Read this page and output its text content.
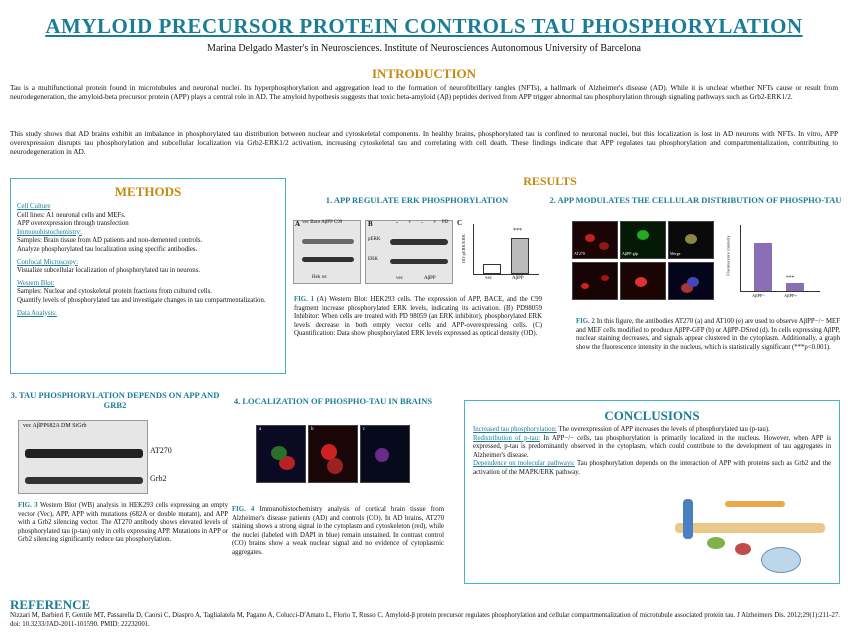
AMYLOID PRECURSOR PROTEIN CONTROLS TAU PHOSPHORYLATION
Marina Delgado Master's in Neurosciences. Institute of Neurosciences Autonomous University of Barcelona
INTRODUCTION
Tau is a multifunctional protein found in microtubules and neuronal nuclei. Its hyperphosphorylation and aggregation lead to the formation of neurofibrillary tangles (NFTs), a hallmark of Alzheimer's disease (AD). While it is unclear whether NFTs cause or result from neurodegeneration, the amyloid-beta precursor protein (APP) plays a central role in AD. The amyloid hypothesis suggests that toxic beta-amyloid (Aβ) peptides derived from APP trigger abnormal tau phosphorylation through signaling pathways such as Grb2-ERK1/2.
This study shows that AD brains exhibit an imbalance in phosphorylated tau distribution between nuclear and cytoskeletal components. In healthy brains, phosphorylated tau is confined to neuronal nuclei, but this localization is lost in AD neurons with NFTs. In vitro, APP overexpression disrupts tau phosphorylation and subcellular localization via Grb2-ERK1/2 activation, increasing cytoskeletal tau and correlating with cell death. These findings indicate that APP regulates tau phosphorylation and compartmentalization, contributing to neurodegeneration in AD.
RESULTS
METHODS
Cell Culture
Cell lines: A1 neuronal cells and MEFs.
APP overexpression through transfection
Immunohistochemistry:
Samples: Brain tissue from AD patients and non-demented controls.
Analyze phosphorylated tau localization using specific antibodies.
Confocal Microscopy:
Visualize subcellular localization of phosphorylated tau in neurons.
Western Blot:
Samples: Nuclear and cytoskeletal protein fractions from cultured cells.
Quantify levels of phosphorylated tau and investigate changes in tau compartmentalization.
Data Analysis:
1. APP REGULATE ERK PHOSPHORYLATION
A vec Bace AβPP C99
Hek wt
B	- + - + PD
pERK
ERK
vec	AβPP
C
OD pERK/ERK
***
vec	AβPP
FIG. 1 (A) Western Blot: HEK293 cells. The expression of APP, BACE, and the C99 fragment increase phosphorylated ERK levels, indicating its activation. (B) PD98059 Inhibitor: When cells are treated with PD 98059 (an ERK inhibitor), phosphorylated ERK levels decrease in both empty vector cells and APP-overexpressing cells. (C) Quantification: Data show phosphorylated ERK levels expressed as optical density (OD).
2. APP MODULATES THE CELLULAR DISTRIBUTION OF PHOSPHO-TAU
AT270	AβPP-gfp	Merge	Fluorescence intensity
***
AβPP−	AβPP+
FIG. 2 In this figure, the antibodies AT270 (a) and AT100 (e) are used to observe AβPP−/− MEF and MEF cells modified to produce AβPP-GFP (b) or AβPP-DSred (d). In cells expressing AβPP, nuclear staining decreases, and signals appear clustered in the cytoplasm. Additionally, a graph show the fluorescence intensity in the nucleus, which is statistically significant (***p<0.001).
3. TAU PHOSPHORYLATION DEPENDS ON APP AND GRB2
vec AβPP682A DM SiGrb
AT270
Grb2
FIG. 3 Western Blot (WB) analysis in HEK293 cells expressing an empty vector (Vec), APP, APP with mutations (682A or double mutant), and APP with a Grb2 silencing vector. The AT270 antibody shows elevated levels of phosphorylated tau (p-tau) only in cells expressing APP. Mutations in APP or Grb2 silencing significantly reduce tau phosphorylation.
4. LOCALIZATION OF PHOSPHO-TAU IN BRAINS
a	b	c
FIG. 4 Immunohistochemistry analysis of cortical brain tissue from Alzheimer's disease patients (AD) and controls (CO). In AD brains, AT270 staining shows a strong signal in the cytoplasm and cytoskeleton (red), while the nuclei (labeled with DAPI in blue) remain unstained. In contrast control (CO) brains show a weak nuclear signal and no evidence of cytoplasmic aggregates.
CONCLUSIONS
Increased tau phosphorylation: The overexpression of APP increases the levels of phosphorylated tau (p-tau).
Redistribution of p-tau: In APP−/− cells, tau phosphorylation is primarily localized in the nucleus. However, when APP is expressed, p-tau is predominantly observed in the cytoplasm, which could contribute to the development of tau aggregates in Alzheimer's disease.
Dependence on molecular pathways: Tau phosphorylation depends on the interaction of APP with proteins such as Grb2 and the activation of the MAPK/ERK pathway.
REFERENCE
Nizzari M, Barbieri F, Gentile MT, Passarella D, Caorsi C, Diaspro A, Taglialatela M, Pagano A, Colucci-D'Amato L, Florio T, Russo C. Amyloid-β protein precursor regulates phosphorylation and cellular compartmentalization of microtubule associated protein tau. J Alzheimers Dis. 2012;29(1):211-27. doi: 10.3233/JAD-2011-101590. PMID: 22232001.
